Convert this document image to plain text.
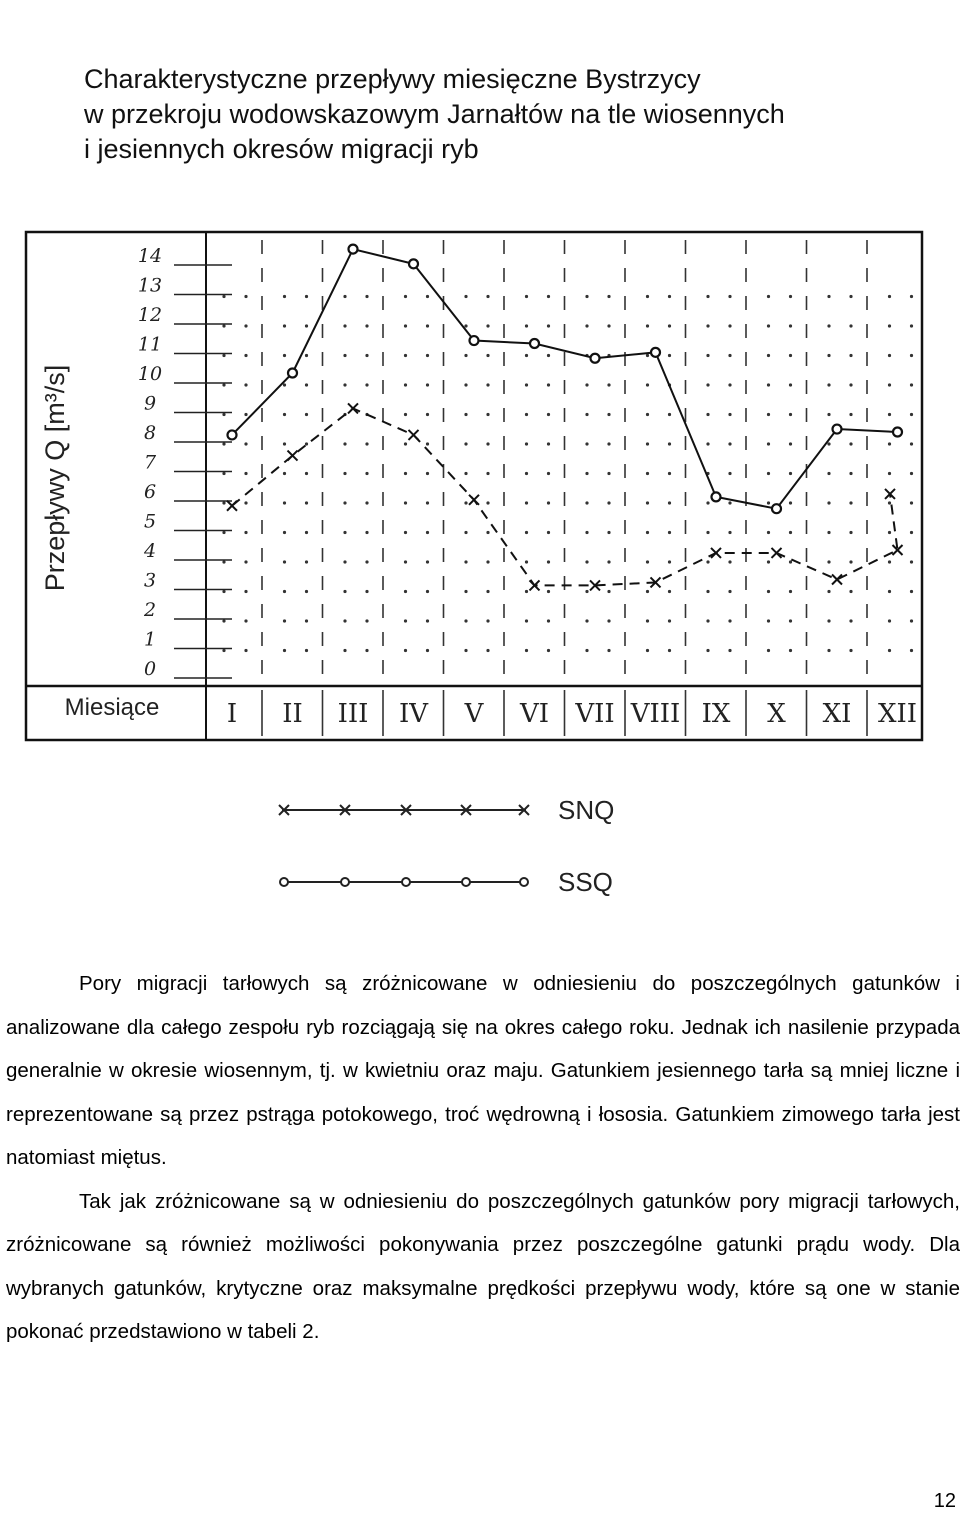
Charakterystyczne przepływy miesięczne Bystrzycy
w przekroju wodowskazowym Jarnałtów na tle wiosennych
i jesiennych okresów migracji ryb
Przepływy Q [m³/s]
Miesiące
0
1
2
3
4
5
6
7
8
9
10
11
12
13
14
I II III IV V VI VII VIII IX X XI XII
SNQ
SSQ

Pory migracji tarłowych są zróżnicowane w odniesieniu do poszczególnych gatunków i analizowane dla całego zespołu ryb rozciągają się na okres całego roku. Jednak ich nasilenie przypada generalnie w okresie wiosennym, tj. w kwietniu oraz maju. Gatunkiem jesiennego tarła są mniej liczne i reprezentowane są przez pstrąga potokowego, troć wędrowną i łososia. Gatunkiem zimowego tarła jest natomiast miętus.

Tak jak zróżnicowane są w odniesieniu do poszczególnych gatunków pory migracji tarłowych, zróżnicowane są również możliwości pokonywania przez poszczególne gatunki prądu wody. Dla wybranych gatunków, krytyczne oraz maksymalne prędkości przepływu wody, które są one w stanie pokonać przedstawiono w tabeli 2.

12
